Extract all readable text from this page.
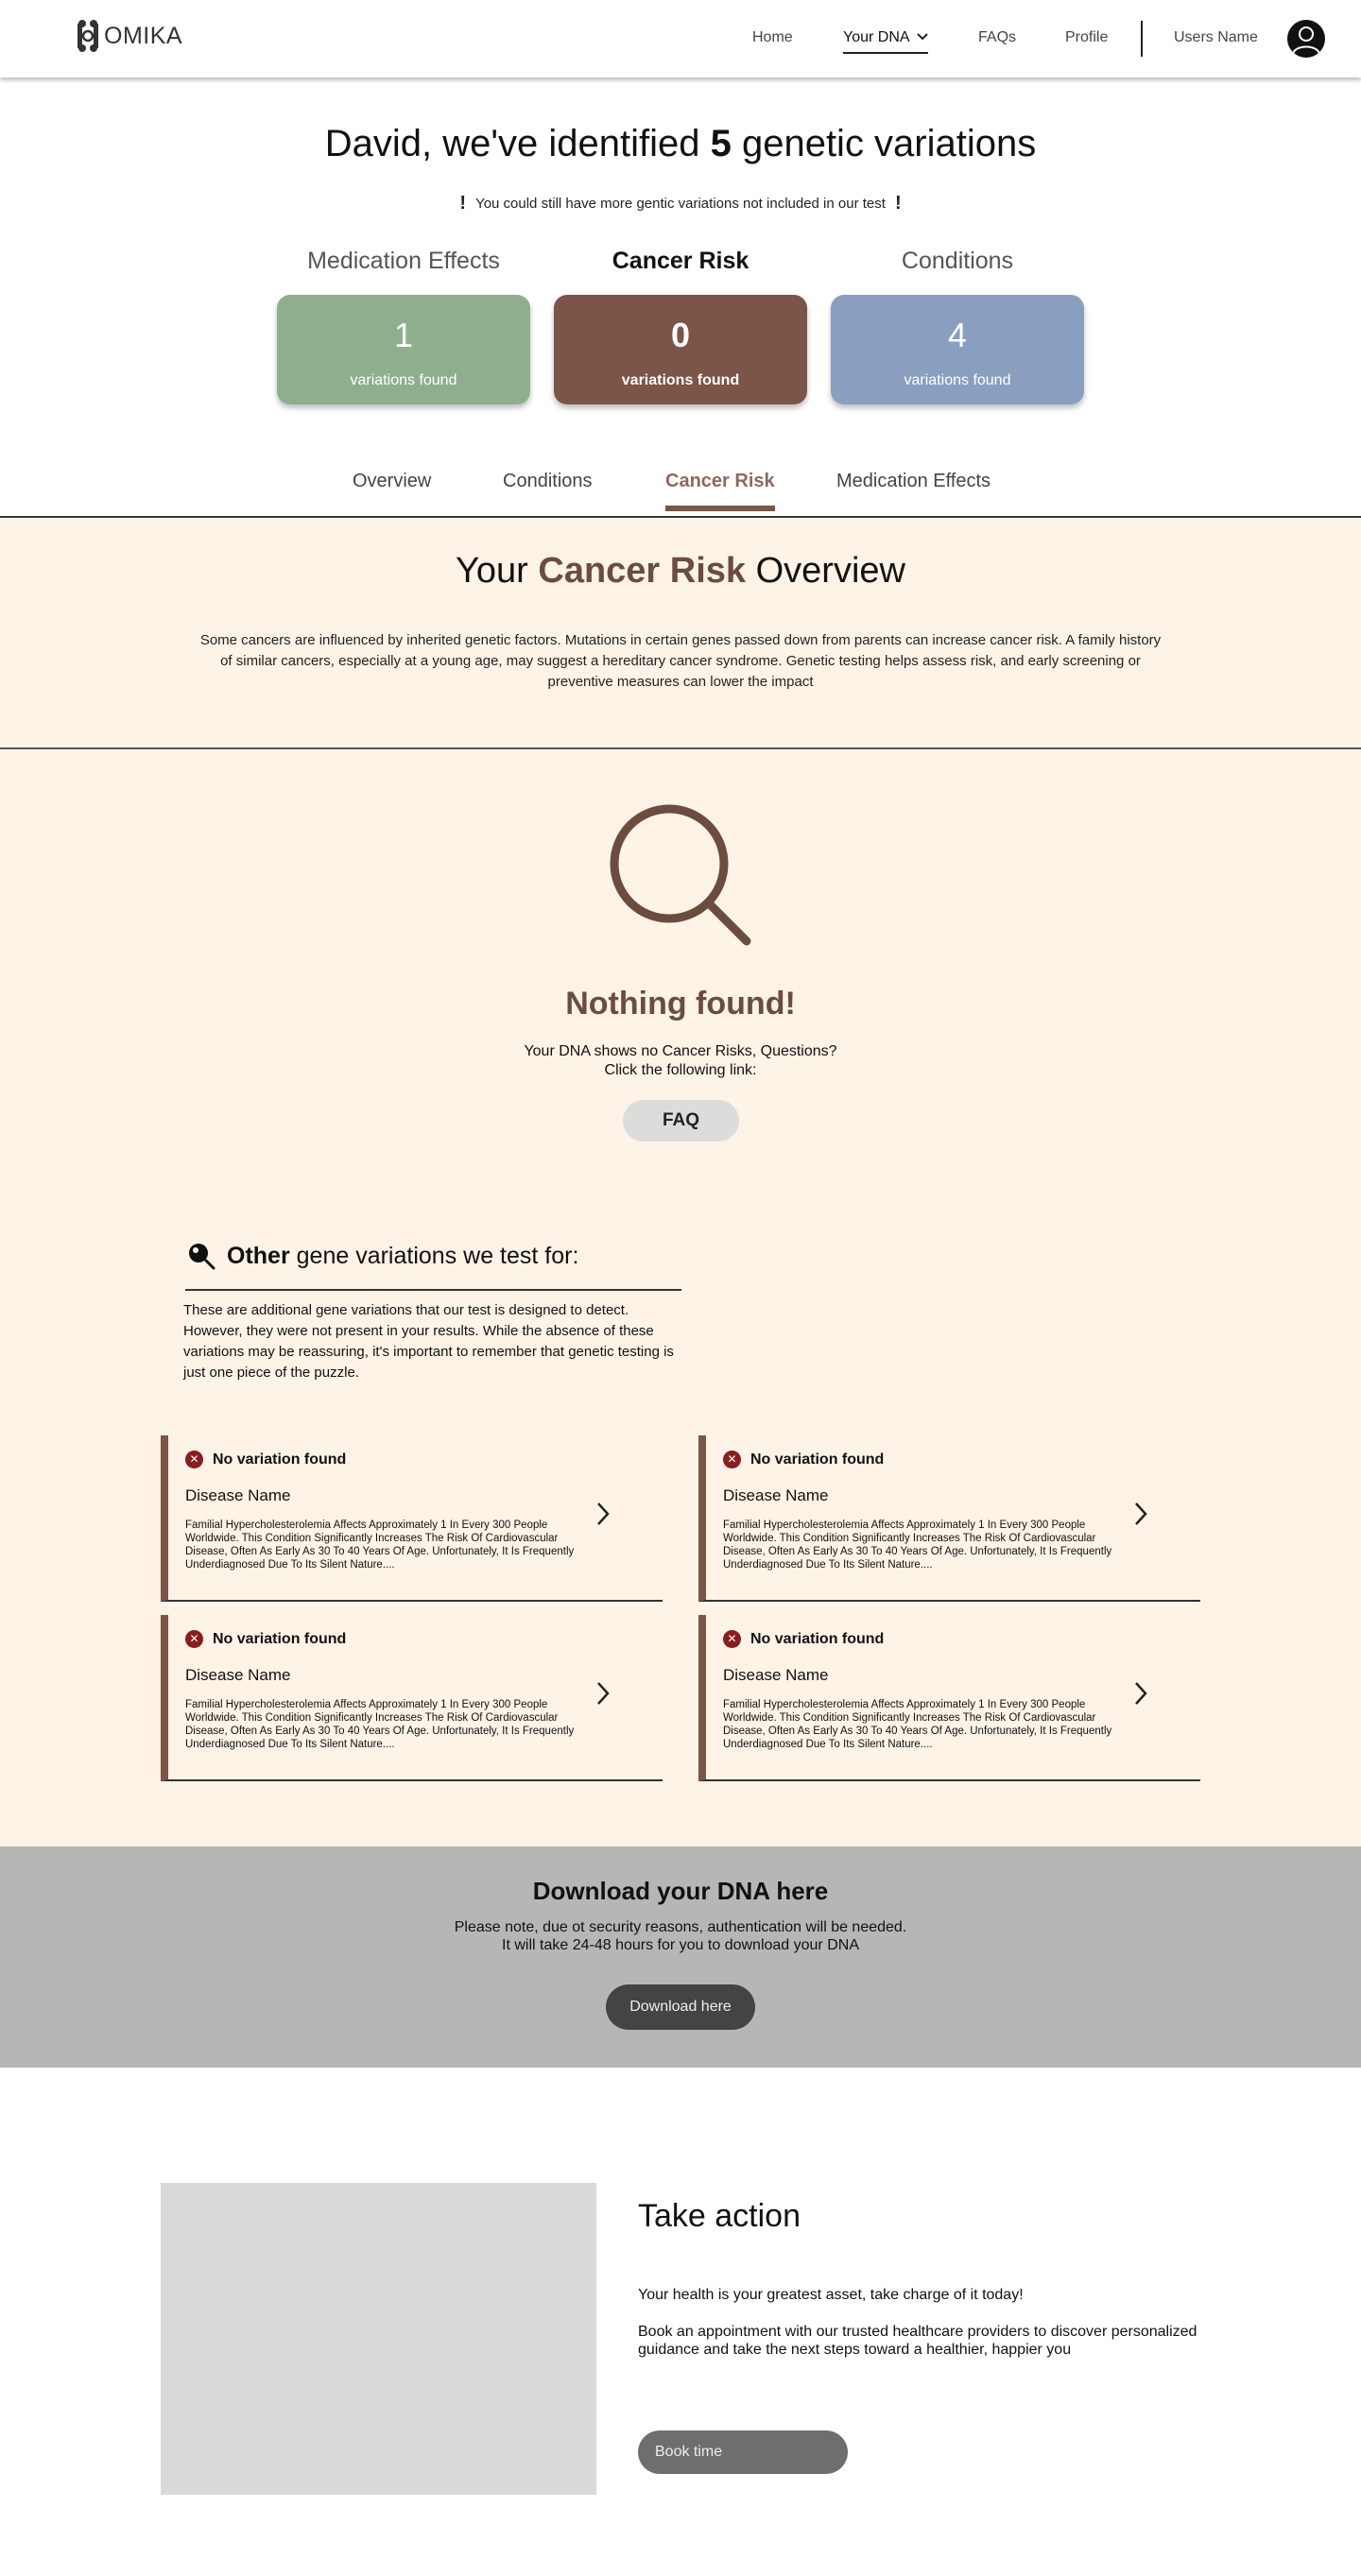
OMIKA	Home	Your DNA	FAQs	Profile	Users Name
David, we've identified 5 genetic variations
! You could still have more gentic variations not included in our test !
Medication Effects
1
variations found
Cancer Risk
0
variations found
Conditions
4
variations found
Overview	Conditions	Cancer Risk	Medication Effects
Your Cancer Risk Overview

Some cancers are influenced by inherited genetic factors. Mutations in certain genes passed down from parents can increase cancer risk. A family history of similar cancers, especially at a young age, may suggest a hereditary cancer syndrome. Genetic testing helps assess risk, and early screening or preventive measures can lower the impact

Nothing found!
Your DNA shows no Cancer Risks, Questions?
Click the following link:
FAQ
Other gene variations we test for:

These are additional gene variations that our test is designed to detect. However, they were not present in your results. While the absence of these variations may be reassuring, it's important to remember that genetic testing is just one piece of the puzzle.

✕ No variation found
Disease Name
Familial Hypercholesterolemia Affects Approximately 1 In Every 300 People Worldwide. This Condition Significantly Increases The Risk Of Cardiovascular Disease, Often As Early As 30 To 40 Years Of Age. Unfortunately, It Is Frequently Underdiagnosed Due To Its Silent Nature....
✕ No variation found
Disease Name
Familial Hypercholesterolemia Affects Approximately 1 In Every 300 People Worldwide. This Condition Significantly Increases The Risk Of Cardiovascular Disease, Often As Early As 30 To 40 Years Of Age. Unfortunately, It Is Frequently Underdiagnosed Due To Its Silent Nature....
✕ No variation found
Disease Name
Familial Hypercholesterolemia Affects Approximately 1 In Every 300 People Worldwide. This Condition Significantly Increases The Risk Of Cardiovascular Disease, Often As Early As 30 To 40 Years Of Age. Unfortunately, It Is Frequently Underdiagnosed Due To Its Silent Nature....
✕ No variation found
Disease Name
Familial Hypercholesterolemia Affects Approximately 1 In Every 300 People Worldwide. This Condition Significantly Increases The Risk Of Cardiovascular Disease, Often As Early As 30 To 40 Years Of Age. Unfortunately, It Is Frequently Underdiagnosed Due To Its Silent Nature....
Download your DNA here
Please note, due ot security reasons, authentication will be needed.
It will take 24-48 hours for you to download your DNA
Download here
Take action

Your health is your greatest asset, take charge of it today!

Book an appointment with our trusted healthcare providers to discover personalized guidance and take the next steps toward a healthier, happier you

Book time
